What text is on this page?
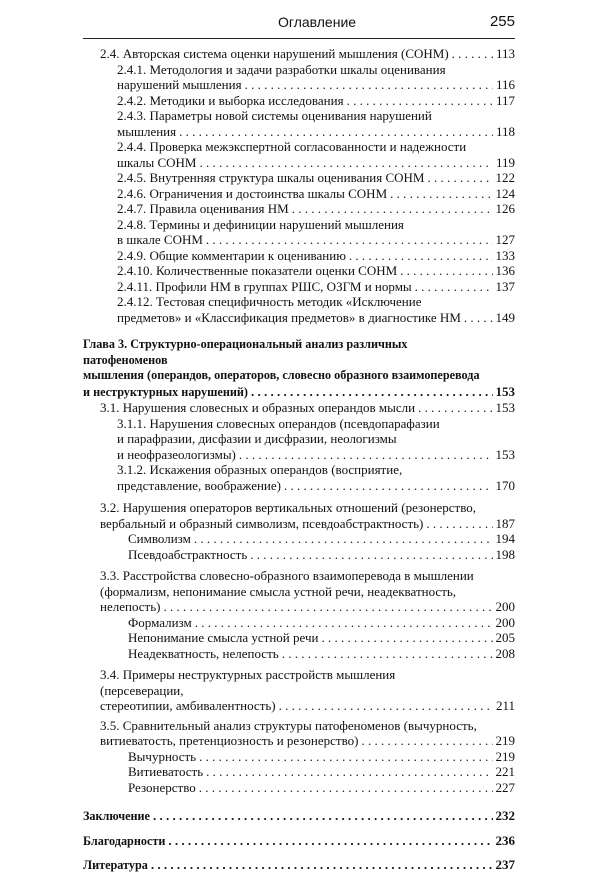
Оглавление	255
2.4. Авторская система оценки нарушений мышления (СОНМ) . . .	113
2.4.1. Методология и задачи разработки шкалы оценивания
нарушений мышления . . .	116
2.4.2. Методики и выборка исследования . . .	117
2.4.3. Параметры новой системы оценивания нарушений
мышления . . .	118
2.4.4. Проверка межэкспертной согласованности и надежности
шкалы СОНМ . . .	119
2.4.5. Внутренняя структура шкалы оценивания СОНМ . . .	122
2.4.6. Ограничения и достоинства шкалы СОНМ . . .	124
2.4.7. Правила оценивания НМ . . .	126
2.4.8. Термины и дефиниции нарушений мышления
в шкале СОНМ . . .	127
2.4.9. Общие комментарии к оцениванию . . .	133
2.4.10. Количественные показатели оценки СОНМ . . .	136
2.4.11. Профили НМ в группах РШС, ОЗГМ и нормы . . .	137
2.4.12. Тестовая специфичность методик «Исключение
предметов» и «Классификация предметов» в диагностике НМ . . .	149
Глава 3. Структурно-операциональный анализ различных патофеноменов
мышления (операндов, операторов, словесно образного взаимоперевода
и неструктурных нарушений) . . .	153
3.1. Нарушения словесных и образных операндов мысли . . .	153
3.1.1. Нарушения словесных операндов (псевдопарафазии
и парафразии, дисфазии и дисфразии, неологизмы
и неофразеологизмы) . . .	153
3.1.2. Искажения образных операндов (восприятие,
представление, воображение) . . .	170
3.2. Нарушения операторов вертикальных отношений (резонерство,
вербальный и образный символизм, псевдоабстрактность) . . .	187
Символизм . . .	194
Псевдоабстрактность . . .	198
3.3. Расстройства словесно-образного взаимоперевода в мышлении
(формализм, непонимание смысла устной речи, неадекватность,
нелепость) . . .	200
Формализм . . .	200
Непонимание смысла устной речи . . .	205
Неадекватность, нелепость . . .	208
3.4. Примеры неструктурных расстройств мышления (персеверации,
стереотипии, амбивалентность) . . .	211
3.5. Сравнительный анализ структуры патофеноменов (вычурность,
витиеватость, претенциозность и резонерство) . . .	219
Вычурность . . .	219
Витиеватость . . .	221
Резонерство . . .	227
Заключение . . .	232
Благодарности . . .	236
Литература . . .	237
